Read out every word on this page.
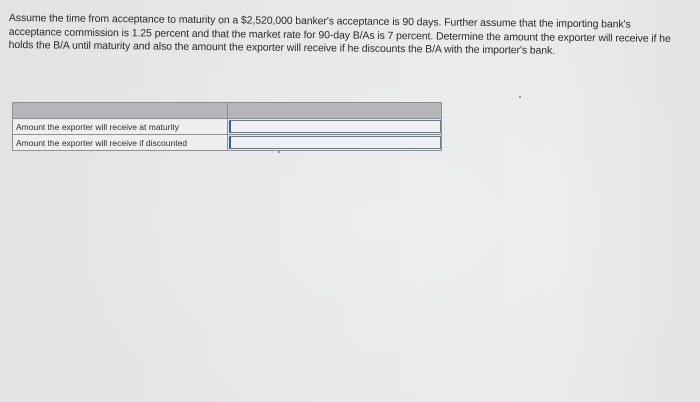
Assume the time from acceptance to maturity on a $2,520,000 banker's acceptance is 90 days. Further assume that the importing bank's acceptance commission is 1.25 percent and that the market rate for 90-day B/As is 7 percent. Determine the amount the exporter will receive if he holds the B/A until maturity and also the amount the exporter will receive if he discounts the B/A with the importer's bank.

Amount the exporter will receive at maturity	

Amount the exporter will receive if discounted	
